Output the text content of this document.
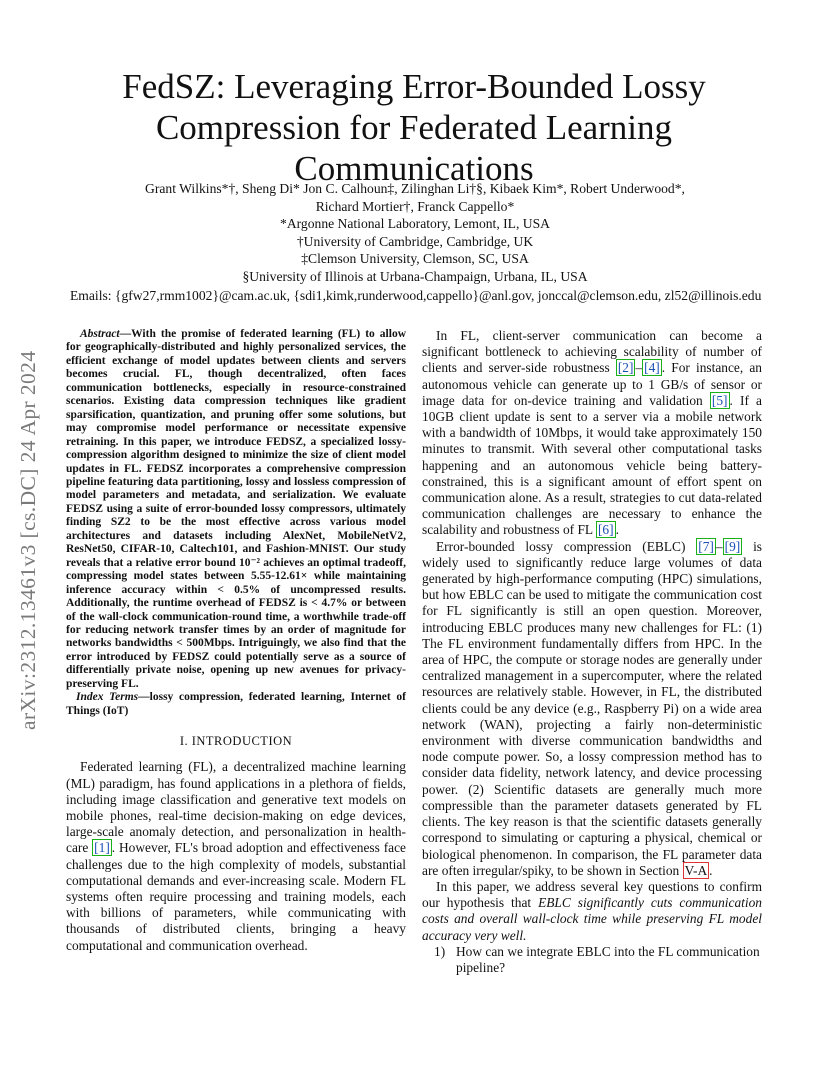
arXiv:2312.13461v3 [cs.DC] 24 Apr 2024
FedSZ: Leveraging Error-Bounded Lossy Compression for Federated Learning Communications
Grant Wilkins*†, Sheng Di* Jon C. Calhoun‡, Zilinghan Li†§, Kibaek Kim*, Robert Underwood*,
Richard Mortier†, Franck Cappello*
*Argonne National Laboratory, Lemont, IL, USA
†University of Cambridge, Cambridge, UK
‡Clemson University, Clemson, SC, USA
§University of Illinois at Urbana-Champaign, Urbana, IL, USA
Emails: {gfw27,rmm1002}@cam.ac.uk, {sdi1,kimk,runderwood,cappello}@anl.gov, jonccal@clemson.edu, zl52@illinois.edu

Abstract—With the promise of federated learning (FL) to allow for geographically-distributed and highly personalized services, the efficient exchange of model updates between clients and servers becomes crucial. FL, though decentralized, often faces communication bottlenecks, especially in resource-constrained scenarios. Existing data compression techniques like gradient sparsification, quantization, and pruning offer some solutions, but may compromise model performance or necessitate expensive retraining. In this paper, we introduce FEDSZ, a specialized lossy-compression algorithm designed to minimize the size of client model updates in FL. FEDSZ incorporates a comprehensive compression pipeline featuring data partitioning, lossy and lossless compression of model parameters and metadata, and serialization. We evaluate FEDSZ using a suite of error-bounded lossy compressors, ultimately finding SZ2 to be the most effective across various model architectures and datasets including AlexNet, MobileNetV2, ResNet50, CIFAR-10, Caltech101, and Fashion-MNIST. Our study reveals that a relative error bound 10⁻² achieves an optimal tradeoff, compressing model states between 5.55-12.61× while maintaining inference accuracy within < 0.5% of uncompressed results. Additionally, the runtime overhead of FEDSZ is < 4.7% or between of the wall-clock communication-round time, a worthwhile trade-off for reducing network transfer times by an order of magnitude for networks bandwidths < 500Mbps. Intriguingly, we also find that the error introduced by FEDSZ could potentially serve as a source of differentially private noise, opening up new avenues for privacy-preserving FL.

Index Terms—lossy compression, federated learning, Internet of Things (IoT)

I. INTRODUCTION

Federated learning (FL), a decentralized machine learning (ML) paradigm, has found applications in a plethora of fields, including image classification and generative text models on mobile phones, real-time decision-making on edge devices, large-scale anomaly detection, and personalization in health-care [1] . However, FL's broad adoption and effectiveness face challenges due to the high complexity of models, substantial computational demands and ever-increasing scale. Modern FL systems often require processing and training models, each with billions of parameters, while communicating with thousands of distributed clients, bringing a heavy computational and communication overhead.

In FL, client-server communication can become a significant bottleneck to achieving scalability of number of clients and server-side robustness [2] – [4] . For instance, an autonomous vehicle can generate up to 1 GB/s of sensor or image data for on-device training and validation [5] . If a 10GB client update is sent to a server via a mobile network with a bandwidth of 10Mbps, it would take approximately 150 minutes to transmit. With several other computational tasks happening and an autonomous vehicle being battery-constrained, this is a significant amount of effort spent on communication alone. As a result, strategies to cut data-related communication challenges are necessary to enhance the scalability and robustness of FL [6] .

Error-bounded lossy compression (EBLC) [7] – [9] is widely used to significantly reduce large volumes of data generated by high-performance computing (HPC) simulations, but how EBLC can be used to mitigate the communication cost for FL significantly is still an open question. Moreover, introducing EBLC produces many new challenges for FL: (1) The FL environment fundamentally differs from HPC. In the area of HPC, the compute or storage nodes are generally under centralized management in a supercomputer, where the related resources are relatively stable. However, in FL, the distributed clients could be any device (e.g., Raspberry Pi) on a wide area network (WAN), projecting a fairly non-deterministic environment with diverse communication bandwidths and node compute power. So, a lossy compression method has to consider data fidelity, network latency, and device processing power. (2) Scientific datasets are generally much more compressible than the parameter datasets generated by FL clients. The key reason is that the scientific datasets generally correspond to simulating or capturing a physical, chemical or biological phenomenon. In comparison, the FL parameter data are often irregular/spiky, to be shown in Section V-A .

In this paper, we address several key questions to confirm our hypothesis that EBLC significantly cuts communication costs and overall wall-clock time while preserving FL model accuracy very well.

1) How can we integrate EBLC into the FL communication pipeline?
